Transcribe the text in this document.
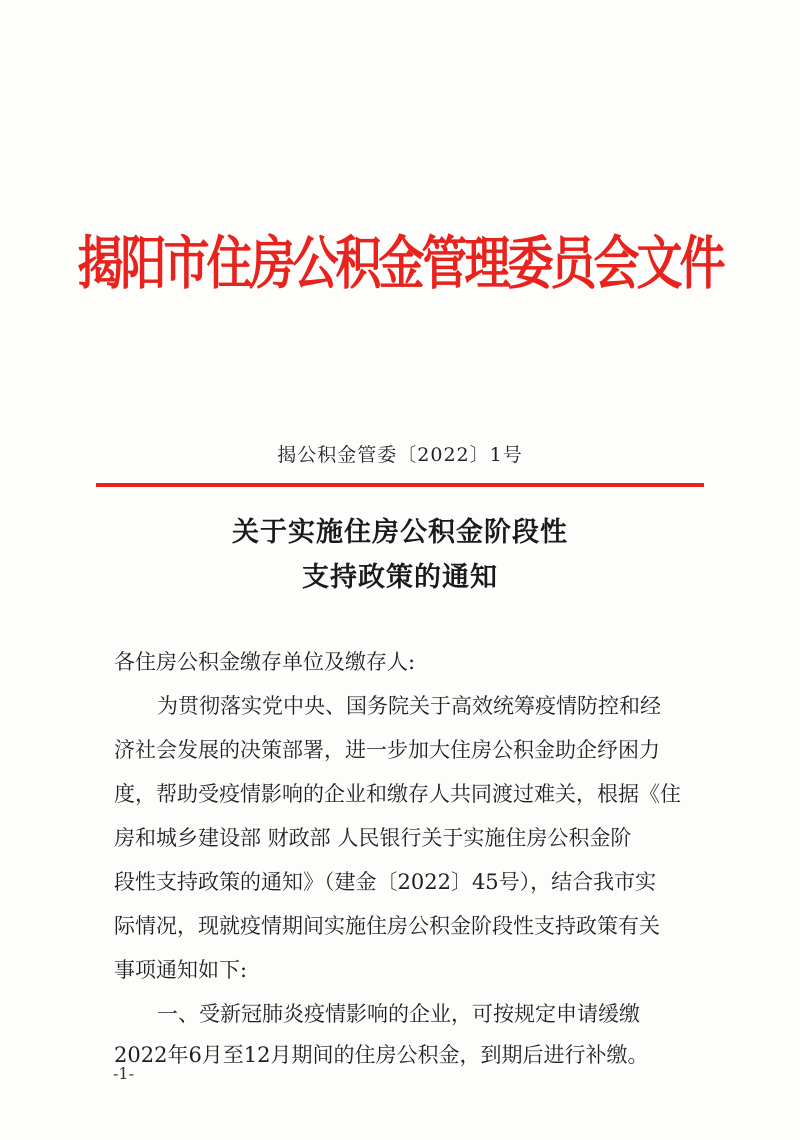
揭阳市住房公积金管理委员会文件
揭公积金管委〔2022〕1号
关于实施住房公积金阶段性
支持政策的通知
各住房公积金缴存单位及缴存人:
为贯彻落实党中央、国务院关于高效统筹疫情防控和经
济社会发展的决策部署，进一步加大住房公积金助企纾困力
度，帮助受疫情影响的企业和缴存人共同渡过难关，根据《住
房和城乡建设部 财政部 人民银行关于实施住房公积金阶
段性支持政策的通知》（建金〔2022〕45号），结合我市实
际情况，现就疫情期间实施住房公积金阶段性支持政策有关
事项通知如下:
一、受新冠肺炎疫情影响的企业，可按规定申请缓缴
2022年6月至12月期间的住房公积金，到期后进行补缴。
-1-
